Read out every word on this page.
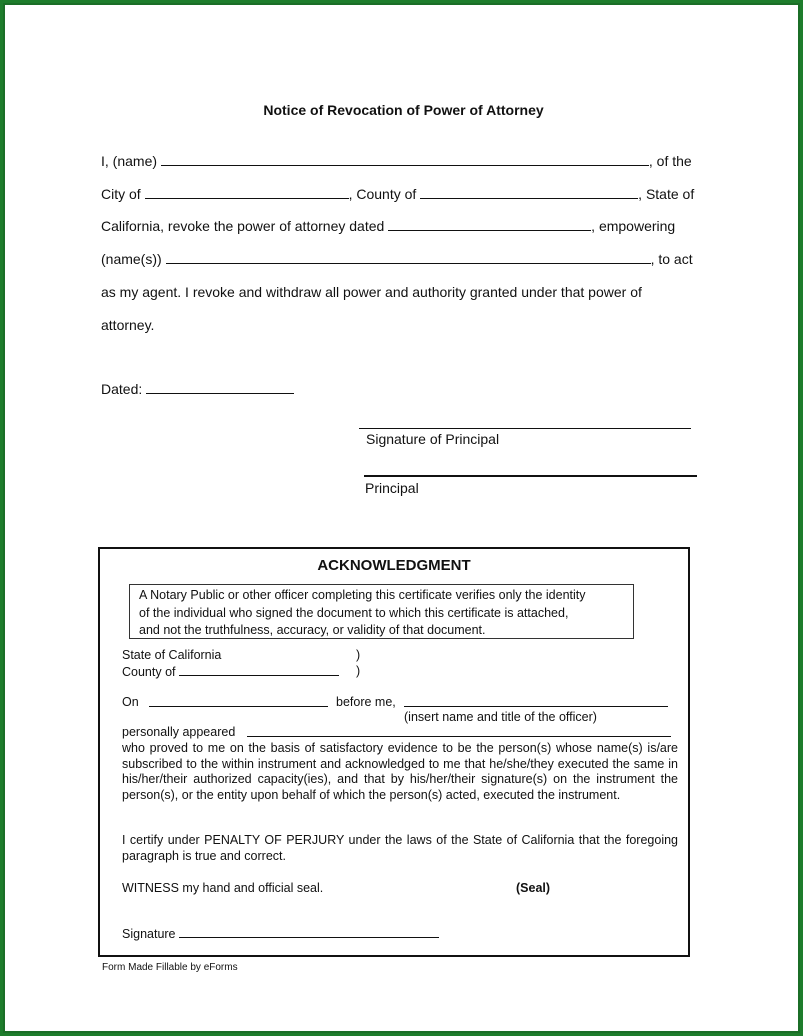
Notice of Revocation of Power of Attorney
I, (name)	, of the
City of	, County of	, State of
California, revoke the power of attorney dated	, empowering
(name(s))	, to act
as my agent. I revoke and withdraw all power and authority granted under that power of
attorney.
Dated:
Signature of Principal
Principal
ACKNOWLEDGMENT
A Notary Public or other officer completing this certificate verifies only the identity
of the individual who signed the document to which this certificate is attached,
and not the truthfulness, accuracy, or validity of that document.
State of California	)
County of	)
On	before me,
(insert name and title of the officer)
personally appeared
who proved to me on the basis of satisfactory evidence to be the person(s) whose name(s) is/are subscribed to the within instrument and acknowledged to me that he/she/they executed the same in his/her/their authorized capacity(ies), and that by his/her/their signature(s) on the instrument the person(s), or the entity upon behalf of which the person(s) acted, executed the instrument.
I certify under PENALTY OF PERJURY under the laws of the State of California that the foregoing paragraph is true and correct.
WITNESS my hand and official seal.	(Seal)
Signature
Form Made Fillable by eForms
